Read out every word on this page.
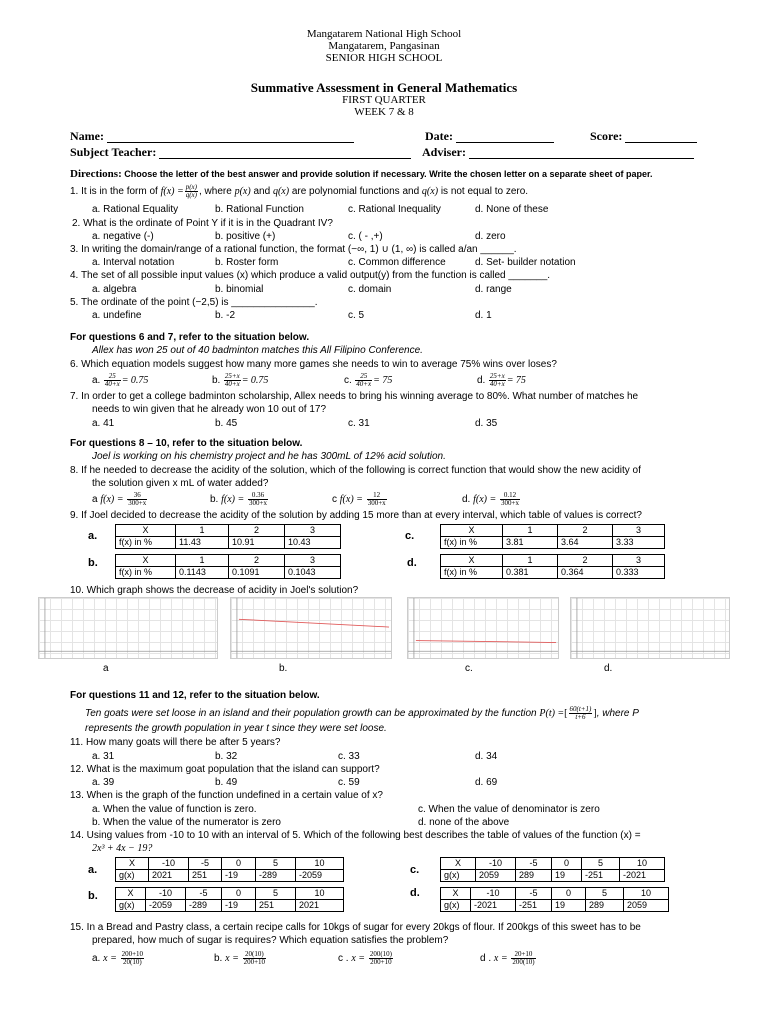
Mangatarem National High School
Mangatarem, Pangasinan
SENIOR HIGH SCHOOL
Summative Assessment in General Mathematics
FIRST QUARTER
WEEK 7 & 8
Name:	Date:	Score:
Subject Teacher:	Adviser:
Directions: Choose the letter of the best answer and provide solution if necessary. Write the chosen letter on a separate sheet of paper.
1. It is in the form of $f(x) = \frac{p(x)}{q(x)}$ , where p(x) and q(x) are polynomial functions and q(x) is not equal to zero.
a. Rational Equality	b. Rational Function	c. Rational Inequality	d. None of these
2. What is the ordinate of Point Y if it is in the Quadrant IV?
a. negative (-)	b. positive (+)	c. ( - ,+)	d. zero
3. In writing the domain/range of a rational function, the format (−∞, 1) ∪ (1, ∞) is called a/an ______.
a. Interval notation	b. Roster form	c. Common difference	d. Set- builder notation
4. The set of all possible input values (x) which produce a valid output(y) from the function is called _______.
a. algebra	b. binomial	c. domain	d. range
5. The ordinate of the point (−2,5) is _______________.
a. undefine	b. -2	c. 5	d. 1
For questions 6 and 7, refer to the situation below.
Allex has won 25 out of 40 badminton matches this All Filipino Conference.
6. Which equation models suggest how many more games she needs to win to average 75% wins over loses?
a. $\frac{25}{40+x} = 0.75$	b. $\frac{25+x}{40+x} = 0.75$	c. $\frac{25}{40+x} = 75$	d. $\frac{25+x}{40+x} = 75$
7. In order to get a college badminton scholarship, Allex needs to bring his winning average to 80%. What number of matches he
needs to win given that he already won 10 out of 17?
a. 41	b. 45	c. 31	d. 35
For questions 8 – 10, refer to the situation below.
Joel is working on his chemistry project and he has 300mL of 12% acid solution.
8. If he needed to decrease the acidity of the solution, which of the following is correct function that would show the new acidity of
the solution given x mL of water added?
a $f(x) = \frac{36}{300+x}$	b. $f(x) = \frac{0.36}{300+x}$	c $f(x) = \frac{12}{300+x}$	d. $f(x) = \frac{0.12}{300+x}$
9. If Joel decided to decrease the acidity of the solution by adding 15 more than at every interval, which table of values is correct?
a.
b.
c.
d.
X	1	2	3
f(x) in %	11.43	10.91	10.43
X	1	2	3
f(x) in %	0.1143	0.1091	0.1043
X	1	2	3
f(x) in %	3.81	3.64	3.33
X	1	2	3
f(x) in %	0.381	0.364	0.333
10. Which graph shows the decrease of acidity in Joel's solution?
a	b.	c.	d.
For questions 11 and 12, refer to the situation below.
Ten goats were set loose in an island and their population growth can be approximated by the function P(t) =[ $\frac{60(t+1)}{t+6}$ ], where P
represents the growth population in year t since they were set loose.
11. How many goats will there be after 5 years?
a. 31	b. 32	c. 33	d. 34
12. What is the maximum goat population that the island can support?
a. 39	b. 49	c. 59	d. 69
13. When is the graph of the function undefined in a certain value of x?
a. When the value of function is zero.
b. When the value of the numerator is zero
c. When the value of denominator is zero
d. none of the above
14. Using values from -10 to 10 with an interval of 5. Which of the following best describes the table of values of the function (x) =
2x³ + 4x − 19?
a.
b.
c.
d.
X	-10	-5	0	5	10
g(x)	2021	251	-19	-289	-2059
X	-10	-5	0	5	10
g(x)	-2059	-289	-19	251	2021
X	-10	-5	0	5	10
g(x)	2059	289	19	-251	-2021
X	-10	-5	0	5	10
g(x)	-2021	-251	19	289	2059
15. In a Bread and Pastry class, a certain recipe calls for 10kgs of sugar for every 20kgs of flour. If 200kgs of this sweet has to be
prepared, how much of sugar is requires? Which equation satisfies the problem?
a. $x = \frac{200+10}{20(10)}$	b. $x = \frac{20(10)}{200+10}$	c . $x = \frac{200(10)}{200+10}$	d . $x = \frac{20+10}{200(10)}$
